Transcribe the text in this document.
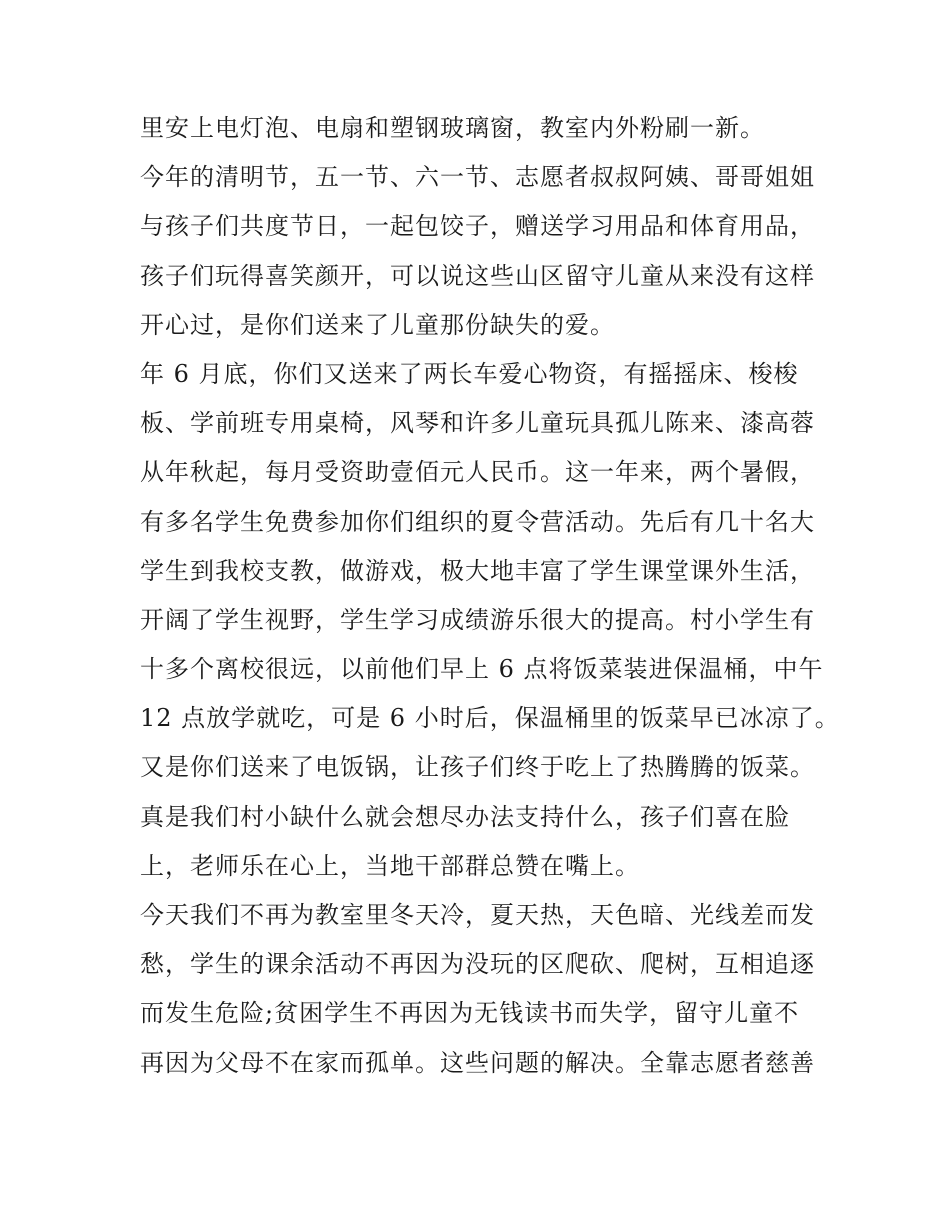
里安上电灯泡、电扇和塑钢玻璃窗，教室内外粉刷一新。
今年的清明节，五一节、六一节、志愿者叔叔阿姨、哥哥姐姐
与孩子们共度节日，一起包饺子，赠送学习用品和体育用品，
孩子们玩得喜笑颜开，可以说这些山区留守儿童从来没有这样
开心过，是你们送来了儿童那份缺失的爱。
年 6 月底，你们又送来了两长车爱心物资，有摇摇床、梭梭
板、学前班专用桌椅，风琴和许多儿童玩具孤儿陈来、漆高蓉
从年秋起，每月受资助壹佰元人民币。这一年来，两个暑假，
有多名学生免费参加你们组织的夏令营活动。先后有几十名大
学生到我校支教，做游戏，极大地丰富了学生课堂课外生活，
开阔了学生视野，学生学习成绩游乐很大的提高。村小学生有
十多个离校很远，以前他们早上 6 点将饭菜装进保温桶，中午
12 点放学就吃，可是 6 小时后，保温桶里的饭菜早已冰凉了。
又是你们送来了电饭锅，让孩子们终于吃上了热腾腾的饭菜。
真是我们村小缺什么就会想尽办法支持什么，孩子们喜在脸
上，老师乐在心上，当地干部群总赞在嘴上。
今天我们不再为教室里冬天冷，夏天热，天色暗、光线差而发
愁，学生的课余活动不再因为没玩的区爬砍、爬树，互相追逐
而发生危险;贫困学生不再因为无钱读书而失学，留守儿童不
再因为父母不在家而孤单。这些问题的解决。全靠志愿者慈善
